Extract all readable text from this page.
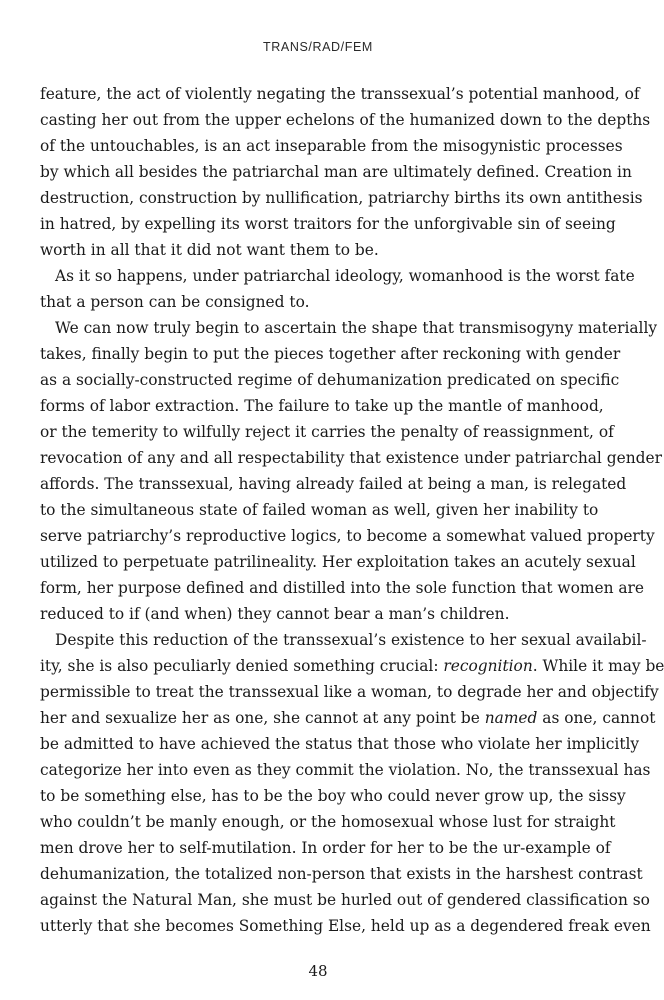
TRANS/RAD/FEM
feature, the act of violently negating the transsexual’s potential manhood, of
casting her out from the upper echelons of the humanized down to the depths
of the untouchables, is an act inseparable from the misogynistic processes
by which all besides the patriarchal man are ultimately defined. Creation in
destruction, construction by nullification, patriarchy births its own antithesis
in hatred, by expelling its worst traitors for the unforgivable sin of seeing
worth in all that it did not want them to be.
As it so happens, under patriarchal ideology, womanhood is the worst fate
that a person can be consigned to.
We can now truly begin to ascertain the shape that transmisogyny materially
takes, finally begin to put the pieces together after reckoning with gender
as a socially-constructed regime of dehumanization predicated on specific
forms of labor extraction. The failure to take up the mantle of manhood,
or the temerity to wilfully reject it carries the penalty of reassignment, of
revocation of any and all respectability that existence under patriarchal gender
affords. The transsexual, having already failed at being a man, is relegated
to the simultaneous state of failed woman as well, given her inability to
serve patriarchy’s reproductive logics, to become a somewhat valued property
utilized to perpetuate patrilineality. Her exploitation takes an acutely sexual
form, her purpose defined and distilled into the sole function that women are
reduced to if (and when) they cannot bear a man’s children.
Despite this reduction of the transsexual’s existence to her sexual availabil-
ity, she is also peculiarly denied something crucial: recognition. While it may be
permissible to treat the transsexual like a woman, to degrade her and objectify
her and sexualize her as one, she cannot at any point be named as one, cannot
be admitted to have achieved the status that those who violate her implicitly
categorize her into even as they commit the violation. No, the transsexual has
to be something else, has to be the boy who could never grow up, the sissy
who couldn’t be manly enough, or the homosexual whose lust for straight
men drove her to self-mutilation. In order for her to be the ur-example of
dehumanization, the totalized non-person that exists in the harshest contrast
against the Natural Man, she must be hurled out of gendered classification so
utterly that she becomes Something Else, held up as a degendered freak even
48
